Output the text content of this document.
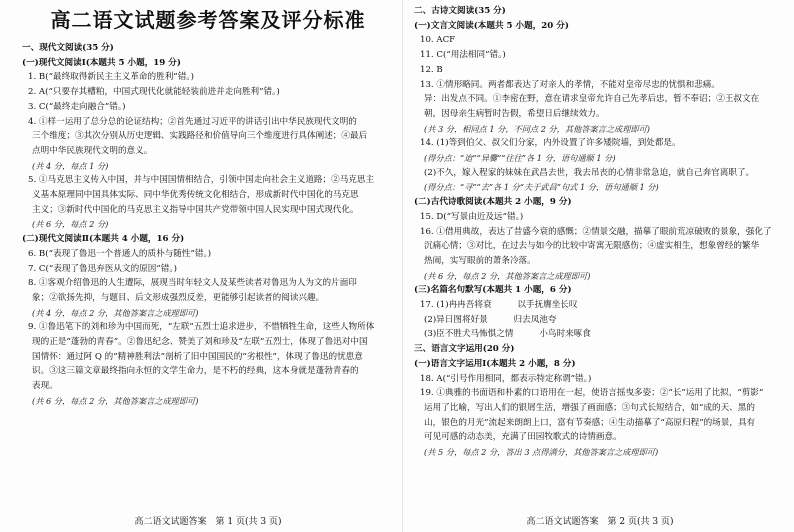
高二语文试题参考答案及评分标准
一、现代文阅读(35 分)
(一)现代文阅读Ⅰ(本题共 5 小题，19 分)
1. B(“最终取得新民主主义革命的胜利”错。)
2. A(“只要存其槽粕，中国式现代化就能轻装前进并走向胜利”错。)
3. C(“最终走向融合”错。)
4. ①样一运用了总分总的论证结构；②首先通过习近平的讲话引出中华民族现代文明的
三个维度；③其次分别从历史逻辑、实践路径和价值导向三个维度进行具体阐述；④最后
点明中华民族现代文明的意义。
(共 4 分，每点 1 分)
5. ①马克思主义传入中国，并与中国国情相结合，引领中国走向社会主义道路；②马克思主
义基本原理同中国具体实际、同中华优秀传统文化相结合，形成新时代中国化的马克思
主义；③新时代中国化的马克思主义指导中国共产党带领中国人民实现中国式现代化。
(共 6 分，每点 2 分)
(二)现代文阅读Ⅱ(本题共 4 小题，16 分)
6. B(“表现了鲁迅一个普通人的质朴与随性”错。)
7. C(“表现了鲁迅弃医从文的原因”错。)
8. ①客观介绍鲁迅的人生遭际，展现当时年轻文人及某些读者对鲁迅为人为文的片面印
象；②欲扬先抑，与题目、后文形成强烈反差，更能够引起读者的阅读兴趣。
(共 4 分，每点 2 分，其他答案言之成理即可)
9. ①鲁迅笔下的刘和珍为中国而死，“左联”五烈士追求进步，不惜牺牲生命，这些人物所体
现的正是“蓬勃的青春”。②鲁迅纪念、赞美了刘和珍及“左联”五烈士，体现了鲁迅对中国
国情怀：通过阿 Q 的“精神胜利法”剖析了旧中国国民的“劣根性”，体现了鲁迅的忧患意
识。③这三篇文章最终指向永恒的文学生命力，是不朽的经典，这本身就是蓬勃青春的
表现。
(共 6 分，每点 2 分，其他答案言之成理即可)
二、古诗文阅读(35 分)
(一)文言文阅读(本题共 5 小题，20 分)
10. ACF
11. C(“用法相同”错。)
12. B
13. ①情形略同。两者都表达了对亲人的孝情，不能对皇帝尽忠的忧惧和悲痛。
异：出发点不同。①李密在野，意在请求皇帝允许自己先孝后忠，暂不奉诏；②王叔文在
朝，因母亲生病暂时告假，希望日后继续效力。
(共 3 分，相同点 1 分，不同点 2 分，其他答案言之成理即可)
14. (1)等到伯父、叔父们分家，内外设置了许多矮院墙，到处都是。
(得分点：“迨”“异爨”“往往”各 1 分，语句通顺 1 分)
(2)不久，嫁入程家的妹妹在武昌去世，我去吊丧的心情非常急迫，就自己奔官离职了。
(得分点：“寻”“去”各 1 分“夫于武昌”句式 1 分，语句通顺 1 分)
(二)古代诗歌阅读(本题共 2 小题，9 分)
15. D(“写景由近及远”错。)
16. ①借用典故，表达了昔盛今衰的感慨；②情景交融，描摹了眼前荒凉破败的景象，强化了
沉痛心情；③对比，在过去与如今的比较中寄寓无限感伤；④虚实相生，想象曾经的繁华
热闹，实写眼前的萧条冷落。
(共 6 分，每点 2 分，其他答案言之成理即可)
(三)名篇名句默写(本题共 1 小题，6 分)
17. (1)冉冉吾将衰　　　以手抚膺坐长叹
(2)异日图将好景　　　归去凤池夸
(3)臣不胜犬马怖惧之情　　　小鸟时来啄食
三、语言文字运用(20 分)
(一)语言文字运用Ⅰ(本题共 2 小题，8 分)
18. A(“引号作用相同，都表示特定称谓”错。)
19. ①典雅的书面语和朴素的口语用在一起，使语言摇曳多姿；②“长”运用了比拟，“剪影”
运用了比喻，写出人们的银屑生活，增强了画面感；③句式长短结合，如“成的天、黑的
山，银色的月光”流起来朗朗上口，富有节奏感；④生动描摹了“高原归程”的场景，具有
可见可感的动态美，充满了田园牧歌式的诗情画意。
(共 5 分，每点 2 分，答出 3 点得满分，其他答案言之成理即可)
高二语文试题答案　第 1 页(共 3 页)	高二语文试题答案　第 2 页(共 3 页)
